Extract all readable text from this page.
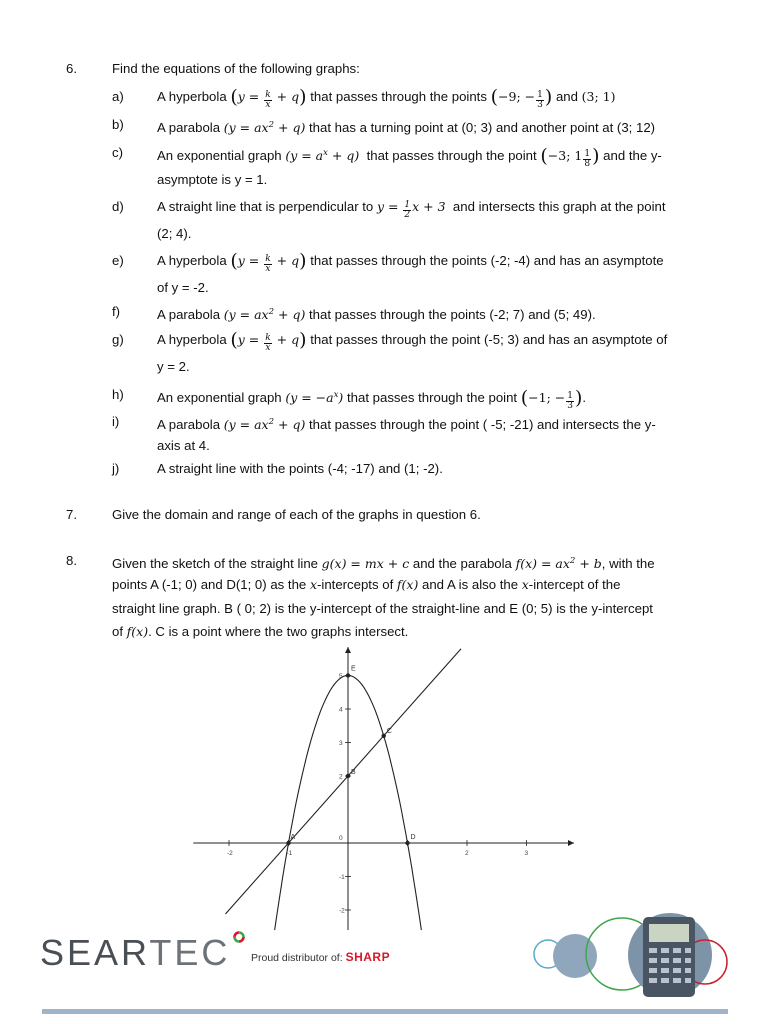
6.	Find the equations of the following graphs:
a)	A hyperbola $(y = \frac{k}{x} + q)$ that passes through the points (−9; − $\frac{1}{3}$ ) and (3; 1)
b)	A parabola $(y = ax^2 + q)$ that has a turning point at (0; 3) and another point at (3; 12)
c)	An exponential graph $(y = a^x + q)$ that passes through the point (−3; $1 \frac{1}{8}$ ) and the y-
asymptote is y = 1.
d)	A straight line that is perpendicular to $y = \frac{1}{2}$ x + 3 and intersects this graph at the point
(2; 4).
e)	A hyperbola $(y = \frac{k}{x} + q)$ that passes through the points (-2; -4) and has an asymptote
of y = -2.
f)	A parabola $(y = ax^2 + q)$ that passes through the points (-2; 7) and (5; 49).
g)	A hyperbola $(y = \frac{k}{x} + q)$ that passes through the point (-5; 3) and has an asymptote of
y = 2.
h)	An exponential graph $(y = -a^x)$ that passes through the point (−1; − $\frac{1}{3}$ ).
i)	A parabola $(y = ax^2 + q)$ that passes through the point ( -5; -21) and intersects the y-
axis at 4.
j)	A straight line with the points (-4; -17) and (1; -2).
7.	Give the domain and range of each of the graphs in question 6.
8.	Given the sketch of the straight line g(x) = mx + c and the parabola $f(x) = ax^2 + b$, with the
points A (-1; 0) and D(1; 0) as the x-intercepts of f(x) and A is also the x-intercept of the
straight line graph. B ( 0; 2) is the y-intercept of the straight-line and E (0; 5) is the y-intercept
of f(x). C is a point where the two graphs intersect.
-2	-1	2	3
5
4
3
2
0
-1
-2
A
B
C
D
E
SEARTEC Proud distributor of: SHARP
